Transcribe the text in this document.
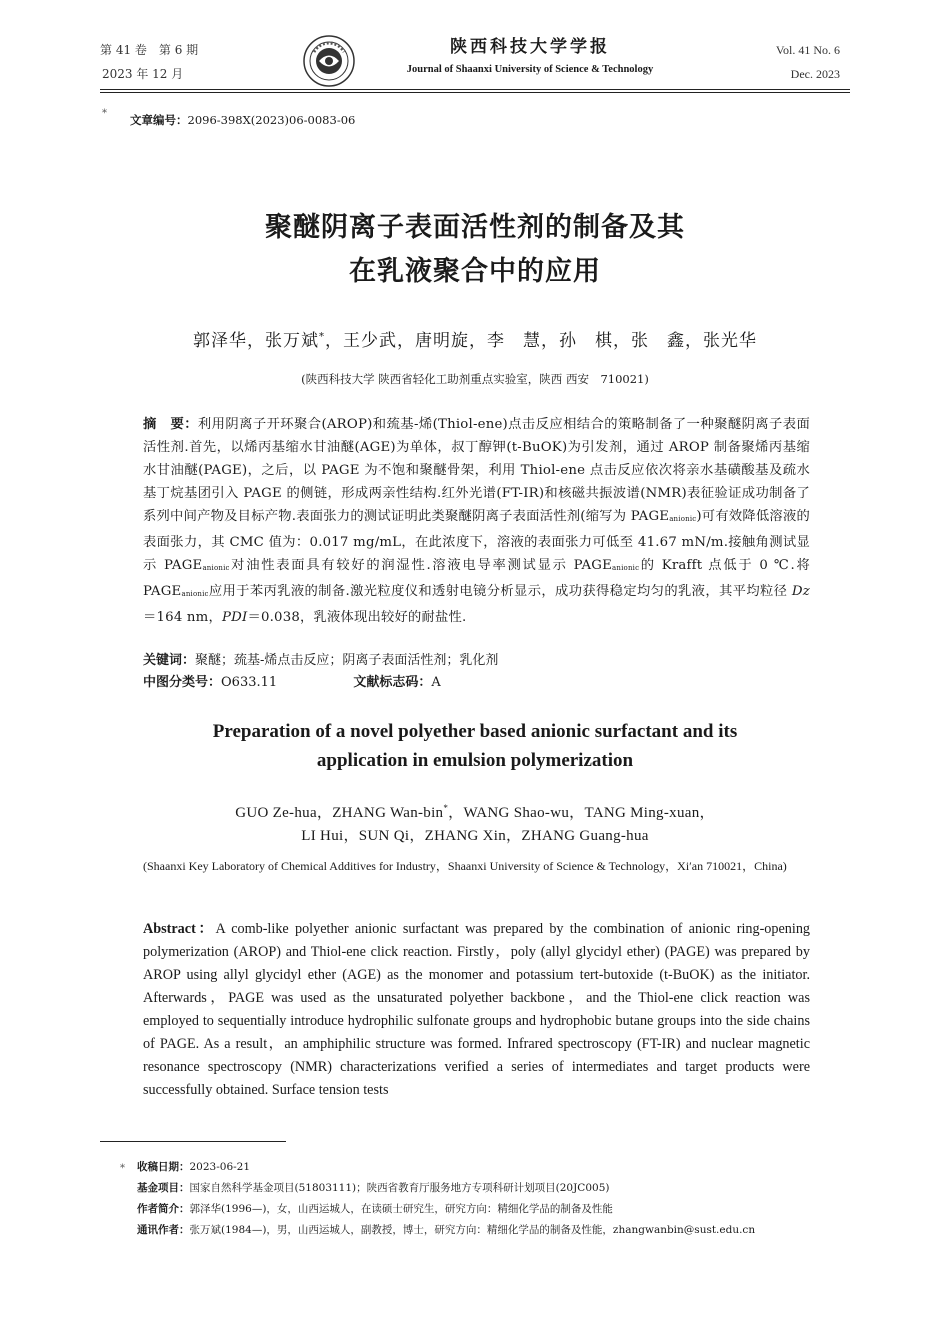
第 41 卷　第 6 期
2023 年 12 月
陕西科技大学学报
Journal of Shaanxi University of Science & Technology
Vol. 41 No. 6
Dec. 2023
* 文章编号：2096-398X(2023)06-0083-06
聚醚阴离子表面活性剂的制备及其
在乳液聚合中的应用
郭泽华，张万斌*，王少武，唐明旋，李　慧，孙　棋，张　鑫，张光华
(陕西科技大学 陕西省轻化工助剂重点实验室，陕西 西安　710021)
摘　要：利用阴离子开环聚合(AROP)和巯基-烯(Thiol-ene)点击反应相结合的策略制备了一种聚醚阴离子表面活性剂.首先，以烯丙基缩水甘油醚(AGE)为单体，叔丁醇钾(t-BuOK)为引发剂，通过 AROP 制备聚烯丙基缩水甘油醚(PAGE)，之后，以 PAGE 为不饱和聚醚骨架，利用 Thiol-ene 点击反应依次将亲水基磺酸基及疏水基丁烷基团引入 PAGE 的侧链，形成两亲性结构.红外光谱(FT-IR)和核磁共振波谱(NMR)表征验证成功制备了系列中间产物及目标产物.表面张力的测试证明此类聚醚阴离子表面活性剂(缩写为 $PAGE_{anionic}$)可有效降低溶液的表面张力，其 CMC 值为：0.017 mg/mL，在此浓度下，溶液的表面张力可低至 41.67 mN/m.接触角测试显示 $PAGE_{anionic}$对油性表面具有较好的润湿性.溶液电导率测试显示 $PAGE_{anionic}$的 Krafft 点低于 0 ℃.将 $PAGE_{anionic}$应用于苯丙乳液的制备.激光粒度仪和透射电镜分析显示，成功获得稳定均匀的乳液，其平均粒径 Dz＝164 nm，PDI＝0.038，乳液体现出较好的耐盐性.
关键词：聚醚；巯基-烯点击反应；阴离子表面活性剂；乳化剂
中图分类号：O633.11	文献标志码：A
Preparation of a novel polyether based anionic surfactant and its
application in emulsion polymerization
GUO Ze-hua，ZHANG Wan-bin*，WANG Shao-wu，TANG Ming-xuan，
LI Hui，SUN Qi，ZHANG Xin，ZHANG Guang-hua
(Shaanxi Key Laboratory of Chemical Additives for Industry，Shaanxi University of Science & Technology，Xi′an 710021，China)
Abstract：A comb-like polyether anionic surfactant was prepared by the combination of anionic ring-opening polymerization (AROP) and Thiol-ene click reaction. Firstly，poly (allyl glycidyl ether) (PAGE) was prepared by AROP using allyl glycidyl ether (AGE) as the monomer and potassium tert-butoxide (t-BuOK) as the initiator. Afterwards，PAGE was used as the unsaturated polyether backbone，and the Thiol-ene click reaction was employed to sequentially introduce hydrophilic sulfonate groups and hydrophobic butane groups into the side chains of PAGE. As a result，an amphiphilic structure was formed. Infrared spectroscopy (FT-IR) and nuclear magnetic resonance spectroscopy (NMR) characterizations verified a series of intermediates and target products were successfully obtained. Surface tension tests
* 收稿日期：2023-06-21
基金项目：国家自然科学基金项目(51803111)；陕西省教育厅服务地方专项科研计划项目(20JC005)
作者简介：郭泽华(1996—)，女，山西运城人，在读硕士研究生，研究方向：精细化学品的制备及性能
通讯作者：张万斌(1984—)，男，山西运城人，副教授，博士，研究方向：精细化学品的制备及性能，zhangwanbin@sust.edu.cn
